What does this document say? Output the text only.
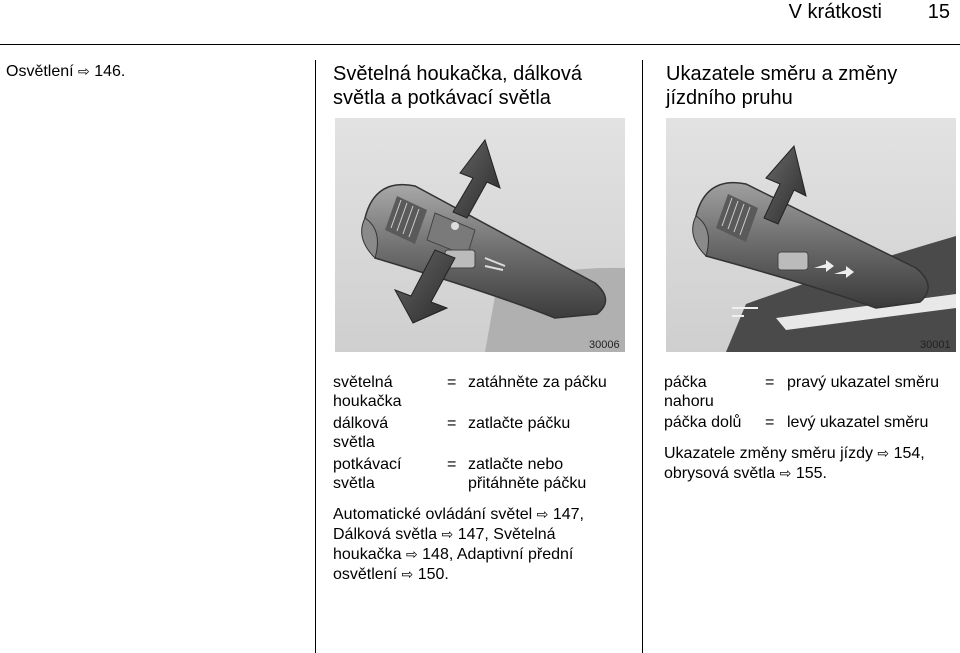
V krátkosti 15
Osvětlení ⇨ 146.	Světelná houkačka, dálková světla a potkávací světla
30006
světelná houkačka
= zatáhněte za páčku
dálková světla
= zatlačte páčku
potkávací světla
= zatlačte nebo přitáhněte páčku
Automatické ovládání světel ⇨ 147, Dálková světla ⇨ 147, Světelná houkačka ⇨ 148, Adaptivní přední osvětlení ⇨ 150.
Ukazatele směru a změny jízdního pruhu
30001
páčka nahoru
= pravý ukazatel směru
páčka dolů = levý ukazatel směru
Ukazatele změny směru jízdy ⇨ 154, obrysová světla ⇨ 155.
